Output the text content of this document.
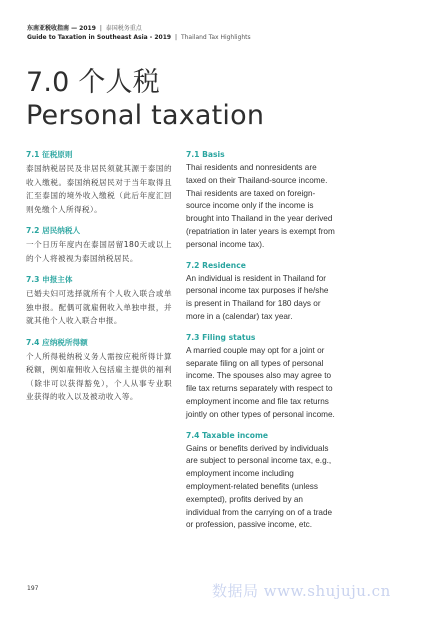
东南亚税收指南 — 2019 | 泰国税务重点
Guide to Taxation in Southeast Asia - 2019 | Thailand Tax Highlights
7.0 个人税
Personal taxation
7.1 征税原则
泰国纳税居民及非居民须就其源于泰国的收入缴税。泰国纳税居民对于当年取得且汇至泰国的境外收入缴税（此后年度汇回则免缴个人所得税）。
7.2 居民纳税人
一个日历年度内在泰国居留180天或以上的个人将被视为泰国纳税居民。
7.3 申报主体
已婚夫妇可选择就所有个人收入联合或单独申报。配偶可就雇佣收入单独申报，并就其他个人收入联合申报。
7.4 应纳税所得额
个人所得税纳税义务人需按应税所得计算税额，例如雇佣收入包括雇主提供的福利（除非可以获得豁免），个人从事专业职业获得的收入以及被动收入等。
7.1 Basis
Thai residents and nonresidents are taxed on their Thailand-source income. Thai residents are taxed on foreign-source income only if the income is brought into Thailand in the year derived (repatriation in later years is exempt from personal income tax).
7.2 Residence
An individual is resident in Thailand for personal income tax purposes if he/she is present in Thailand for 180 days or more in a (calendar) tax year.
7.3 Filing status
A married couple may opt for a joint or separate filing on all types of personal income. The spouses also may agree to file tax returns separately with respect to employment income and file tax returns jointly on other types of personal income.
7.4 Taxable income
Gains or benefits derived by individuals are subject to personal income tax, e.g., employment income including employment-related benefits (unless exempted), profits derived by an individual from the carrying on of a trade or profession, passive income, etc.
197	数据局 www.shujuju.cn
